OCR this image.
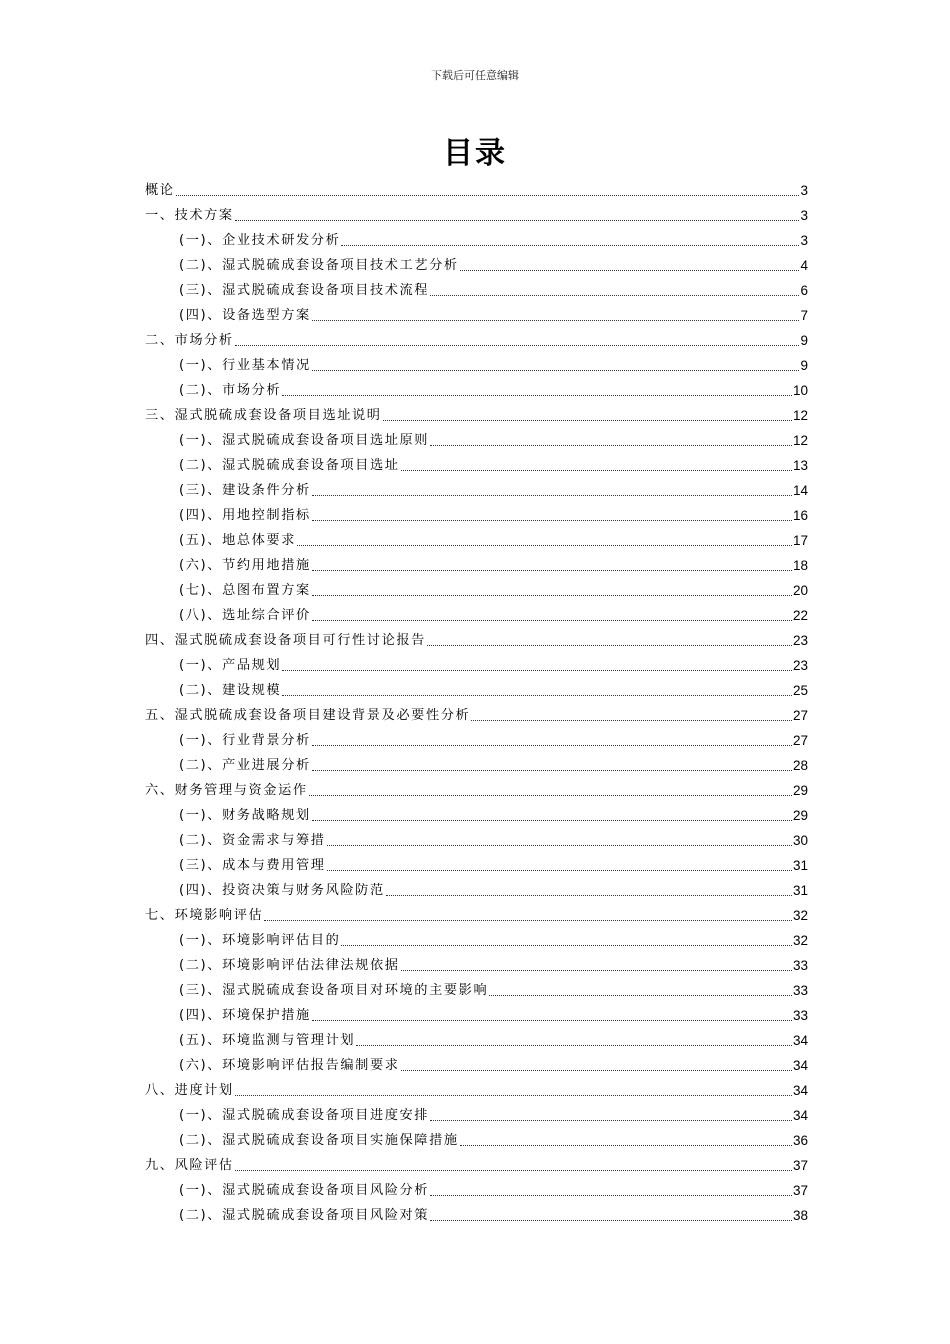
下载后可任意编辑
目录
概论	3
一、技术方案	3
(一)、企业技术研发分析	3
(二)、湿式脱硫成套设备项目技术工艺分析	4
(三)、湿式脱硫成套设备项目技术流程	6
(四)、设备选型方案	7
二、市场分析	9
(一)、行业基本情况	9
(二)、市场分析	10
三、湿式脱硫成套设备项目选址说明	12
(一)、湿式脱硫成套设备项目选址原则	12
(二)、湿式脱硫成套设备项目选址	13
(三)、建设条件分析	14
(四)、用地控制指标	16
(五)、地总体要求	17
(六)、节约用地措施	18
(七)、总图布置方案	20
(八)、选址综合评价	22
四、湿式脱硫成套设备项目可行性讨论报告	23
(一)、产品规划	23
(二)、建设规模	25
五、湿式脱硫成套设备项目建设背景及必要性分析	27
(一)、行业背景分析	27
(二)、产业进展分析	28
六、财务管理与资金运作	29
(一)、财务战略规划	29
(二)、资金需求与筹措	30
(三)、成本与费用管理	31
(四)、投资决策与财务风险防范	31
七、环境影响评估	32
(一)、环境影响评估目的	32
(二)、环境影响评估法律法规依据	33
(三)、湿式脱硫成套设备项目对环境的主要影响	33
(四)、环境保护措施	33
(五)、环境监测与管理计划	34
(六)、环境影响评估报告编制要求	34
八、进度计划	34
(一)、湿式脱硫成套设备项目进度安排	34
(二)、湿式脱硫成套设备项目实施保障措施	36
九、风险评估	37
(一)、湿式脱硫成套设备项目风险分析	37
(二)、湿式脱硫成套设备项目风险对策	38
